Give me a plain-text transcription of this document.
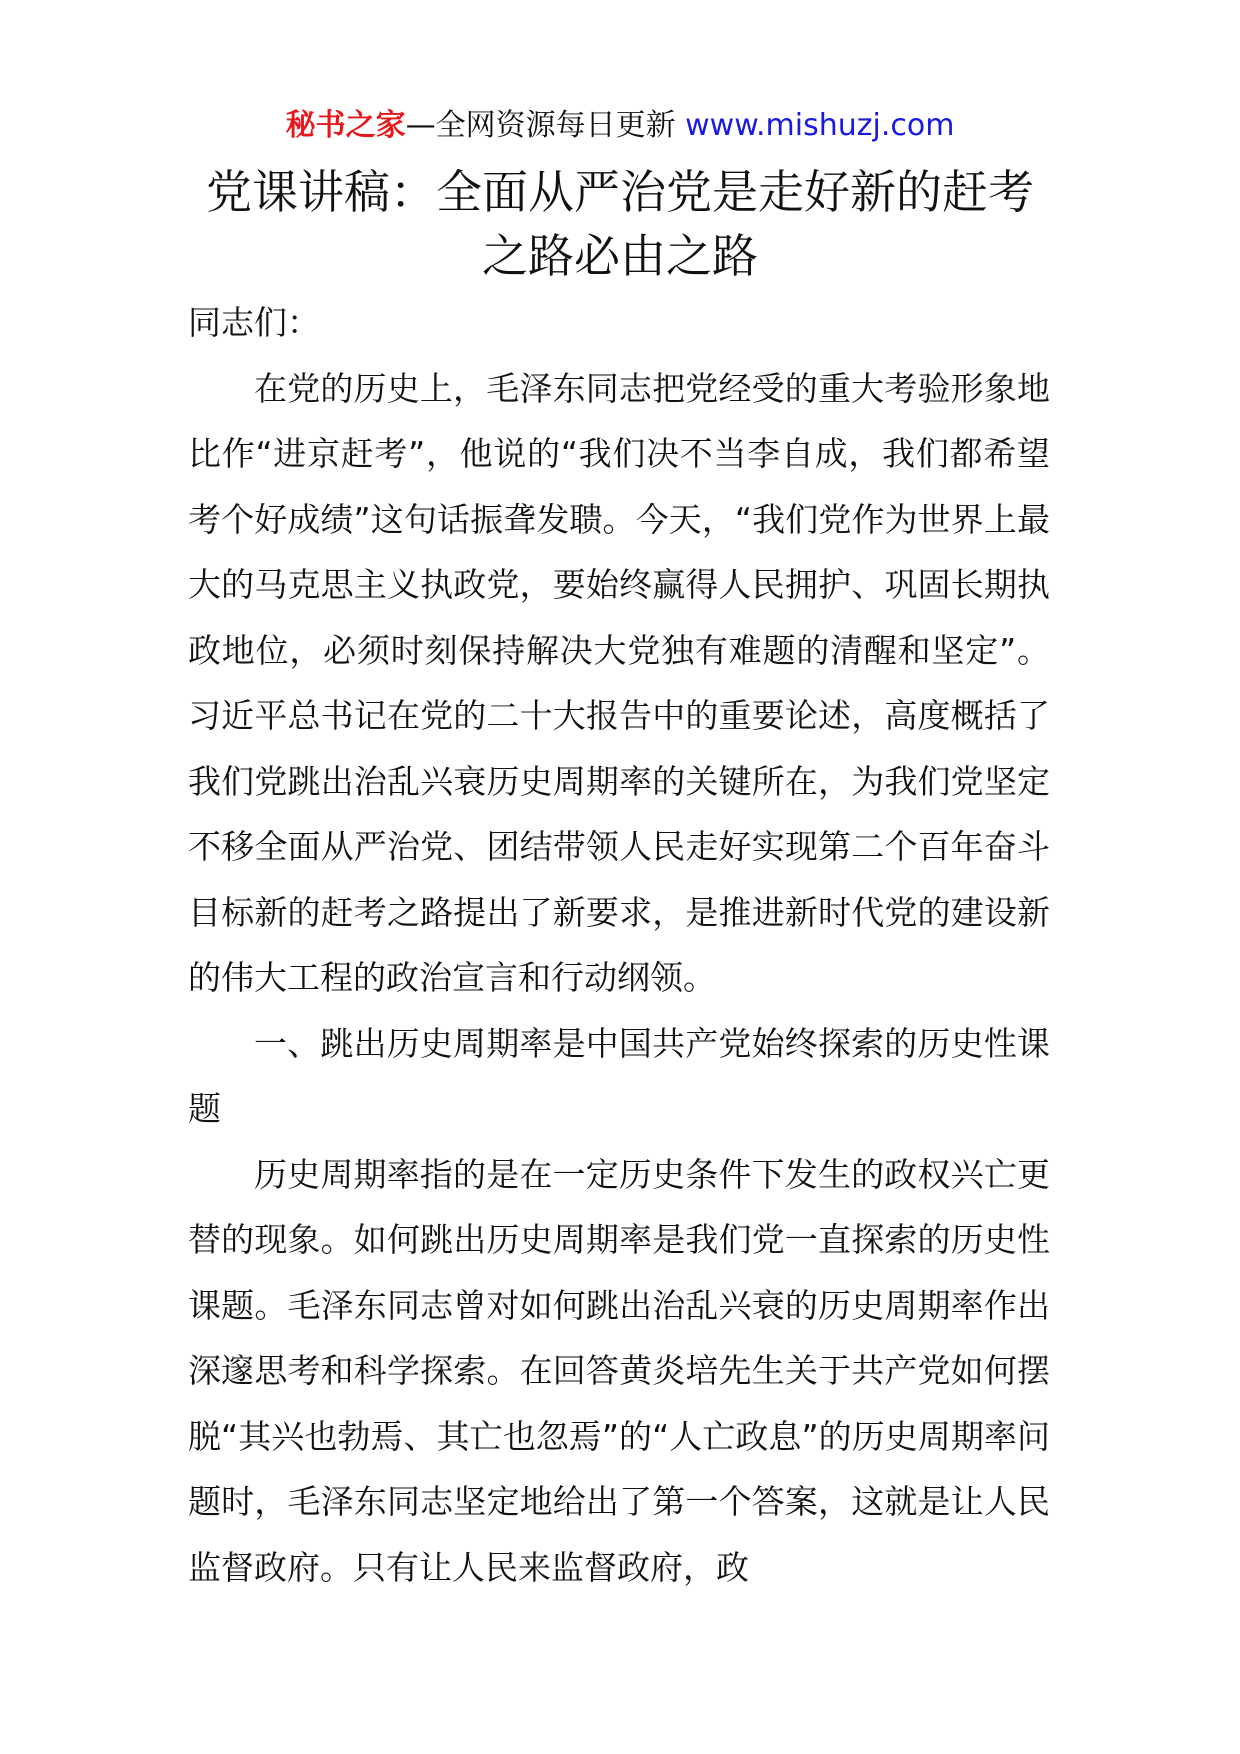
秘书之家—全网资源每日更新 www.mishuzj.com
党课讲稿：全面从严治党是走好新的赶考
之路必由之路

同志们：

在党的历史上，毛泽东同志把党经受的重大考验形象地比作“进京赶考”，他说的“我们决不当李自成，我们都希望考个好成绩”这句话振聋发聩。今天，“我们党作为世界上最大的马克思主义执政党，要始终赢得人民拥护、巩固长期执政地位，必须时刻保持解决大党独有难题的清醒和坚定”。习近平总书记在党的二十大报告中的重要论述，高度概括了我们党跳出治乱兴衰历史周期率的关键所在，为我们党坚定不移全面从严治党、团结带领人民走好实现第二个百年奋斗目标新的赶考之路提出了新要求，是推进新时代党的建设新的伟大工程的政治宣言和行动纲领。

一、跳出历史周期率是中国共产党始终探索的历史性课题

历史周期率指的是在一定历史条件下发生的政权兴亡更替的现象。如何跳出历史周期率是我们党一直探索的历史性课题。毛泽东同志曾对如何跳出治乱兴衰的历史周期率作出深邃思考和科学探索。在回答黄炎培先生关于共产党如何摆脱“其兴也勃焉、其亡也忽焉”的“人亡政息”的历史周期率问题时，毛泽东同志坚定地给出了第一个答案，这就是让人民监督政府。只有让人民来监督政府，政
